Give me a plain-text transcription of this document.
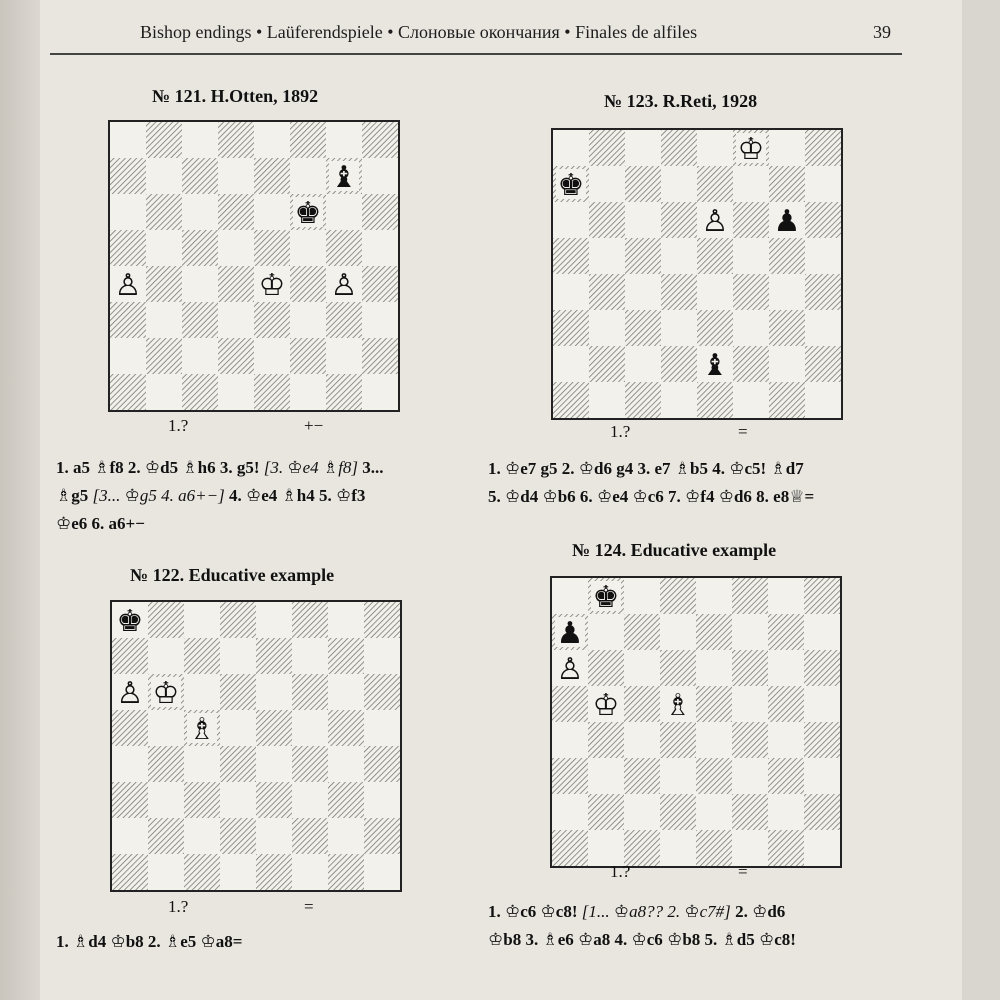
Bishop endings • Laüferendspiele • Слоновые окончания • Finales de alfiles	39
№ 121. H.Otten, 1892
♝
♚
♙	♔ ♙
1.?	+−
1. a5 ♗f8 2. ♔d5 ♗h6 3. g5! [3. ♔e4 ♗f8] 3...
♗g5 [3... ♔g5 4. a6+−] 4. ♔e4 ♗h4 5. ♔f3
♔e6 6. a6+−
№ 122. Educative example
♚
♙ ♔
♗
1.?	=
1. ♗d4 ♔b8 2. ♗e5 ♔a8=
№ 123. R.Reti, 1928
♔
♚
♙ ♟
♝
1.?	=
1. ♔e7 g5 2. ♔d6 g4 3. e7 ♗b5 4. ♔c5! ♗d7
5. ♔d4 ♔b6 6. ♔e4 ♔c6 7. ♔f4 ♔d6 8. e8♕=
№ 124. Educative example
♚
♟
♙
♔ ♗
1.?	=
1. ♔c6 ♔c8! [1... ♔a8?? 2. ♔c7#] 2. ♔d6
♔b8 3. ♗e6 ♔a8 4. ♔c6 ♔b8 5. ♗d5 ♔c8!
